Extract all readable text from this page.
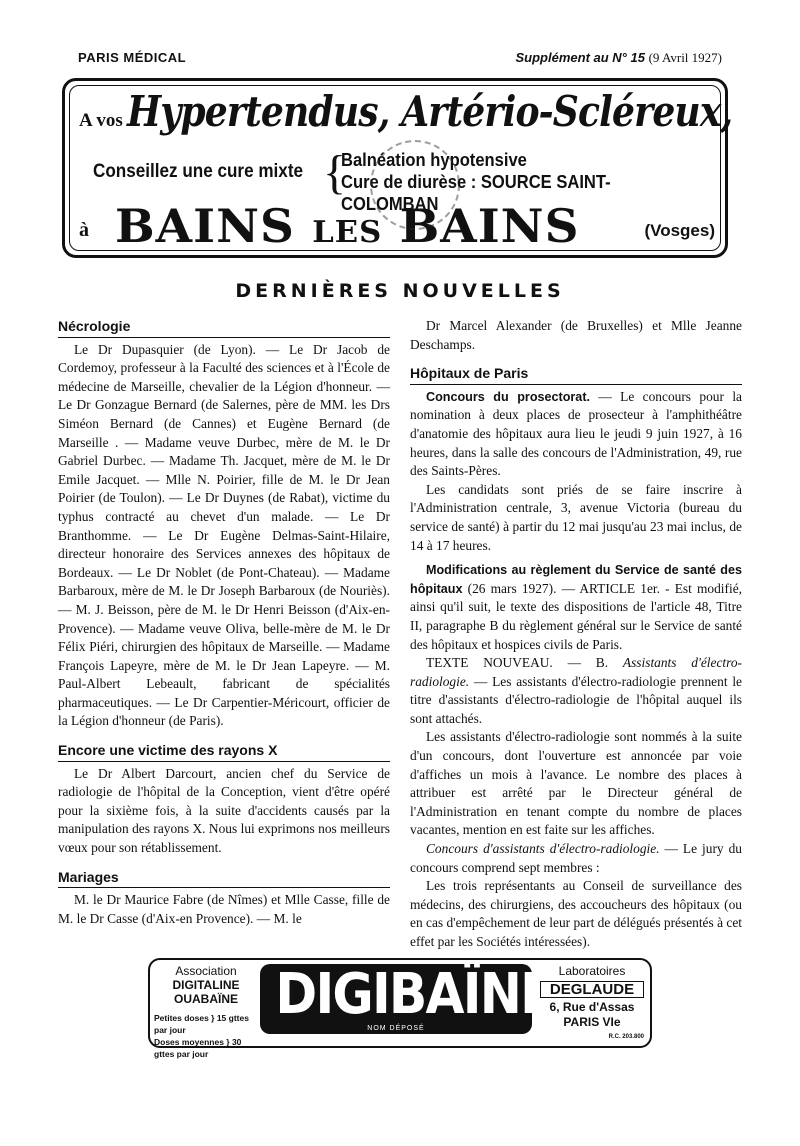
PARIS MÉDICAL	Supplément au N° 15 (9 Avril 1927)
A vos Hypertendus, Artério-Scléreux,
Conseillez une cure mixte {
Balnéation hypotensive
Cure de diurèse : SOURCE SAINT-COLOMBAN
à BAINS LES BAINS	(Vosges)
DERNIÈRES NOUVELLES
Nécrologie

Le Dr Dupasquier (de Lyon). — Le Dr Jacob de Cordemoy, professeur à la Faculté des sciences et à l'École de médecine de Marseille, chevalier de la Légion d'honneur. — Le Dr Gonzague Bernard (de Salernes, père de MM. les Drs Siméon Bernard (de Cannes) et Eugène Bernard (de Marseille . — Madame veuve Durbec, mère de M. le Dr Gabriel Durbec. — Madame Th. Jacquet, mère de M. le Dr Emile Jacquet. — Mlle N. Poirier, fille de M. le Dr Jean Poirier (de Toulon). — Le Dr Duynes (de Rabat), victime du typhus contracté au chevet d'un malade. — Le Dr Branthomme. — Le Dr Eugène Delmas-Saint-Hilaire, directeur honoraire des Services annexes des hôpitaux de Bordeaux. — Le Dr Noblet (de Pont-Chateau). — Madame Barbaroux, mère de M. le Dr Joseph Barbaroux (de Nouriès). — M. J. Beisson, père de M. le Dr Henri Beisson (d'Aix-en-Provence). — Madame veuve Oliva, belle-mère de M. le Dr Félix Piéri, chirurgien des hôpitaux de Marseille. — Madame François Lapeyre, mère de M. le Dr Jean Lapeyre. — M. Paul-Albert Lebeault, fabricant de spécialités pharmaceutiques. — Le Dr Carpentier-Méricourt, officier de la Légion d'honneur (de Paris).

Encore une victime des rayons X

Le Dr Albert Darcourt, ancien chef du Service de radiologie de l'hôpital de la Conception, vient d'être opéré pour la sixième fois, à la suite d'accidents causés par la manipulation des rayons X. Nous lui exprimons nos meilleurs vœux pour son rétablissement.

Mariages

M. le Dr Maurice Fabre (de Nîmes) et Mlle Casse, fille de M. le Dr Casse (d'Aix-en Provence). — M. le

Dr Marcel Alexander (de Bruxelles) et Mlle Jeanne Deschamps.

Hôpitaux de Paris

Concours du prosectorat. — Le concours pour la nomination à deux places de prosecteur à l'amphithéâtre d'anatomie des hôpitaux aura lieu le jeudi 9 juin 1927, à 16 heures, dans la salle des concours de l'Administration, 49, rue des Saints-Pères.

Les candidats sont priés de se faire inscrire à l'Administration centrale, 3, avenue Victoria (bureau du service de santé) à partir du 12 mai jusqu'au 23 mai inclus, de 14 à 17 heures.

Modifications au règlement du Service de santé des hôpitaux (26 mars 1927). — ARTICLE 1er. - Est modifié, ainsi qu'il suit, le texte des dispositions de l'article 48, Titre II, paragraphe B du règlement général sur le Service de santé des hôpitaux et hospices civils de Paris.

TEXTE NOUVEAU. — B. Assistants d'électro-radiologie. — Les assistants d'électro-radiologie prennent le titre d'assistants d'électro-radiologie de l'hôpital auquel ils sont attachés.

Les assistants d'électro-radiologie sont nommés à la suite d'un concours, dont l'ouverture est annoncée par voie d'affiches un mois à l'avance. Le nombre des places à attribuer est arrêté par le Directeur général de l'Administration en tenant compte du nombre de places vacantes, mention en est faite sur les affiches.

Concours d'assistants d'électro-radiologie. — Le jury du concours comprend sept membres :

Les trois représentants au Conseil de surveillance des médecins, des chirurgiens, des accoucheurs des hôpitaux (ou en cas d'empêchement de leur part de délégués présentés à cet effet par les Sociétés intéressées).

Association
DIGITALINE
OUABAÏNE
Petites doses } 15 gttes par jour
Doses moyennes } 30 gttes par jour
DIGIBAÏNE
NOM DÉPOSÉ
Laboratoires
DEGLAUDE
6, Rue d'Assas
PARIS VIe
R.C. 203.800
